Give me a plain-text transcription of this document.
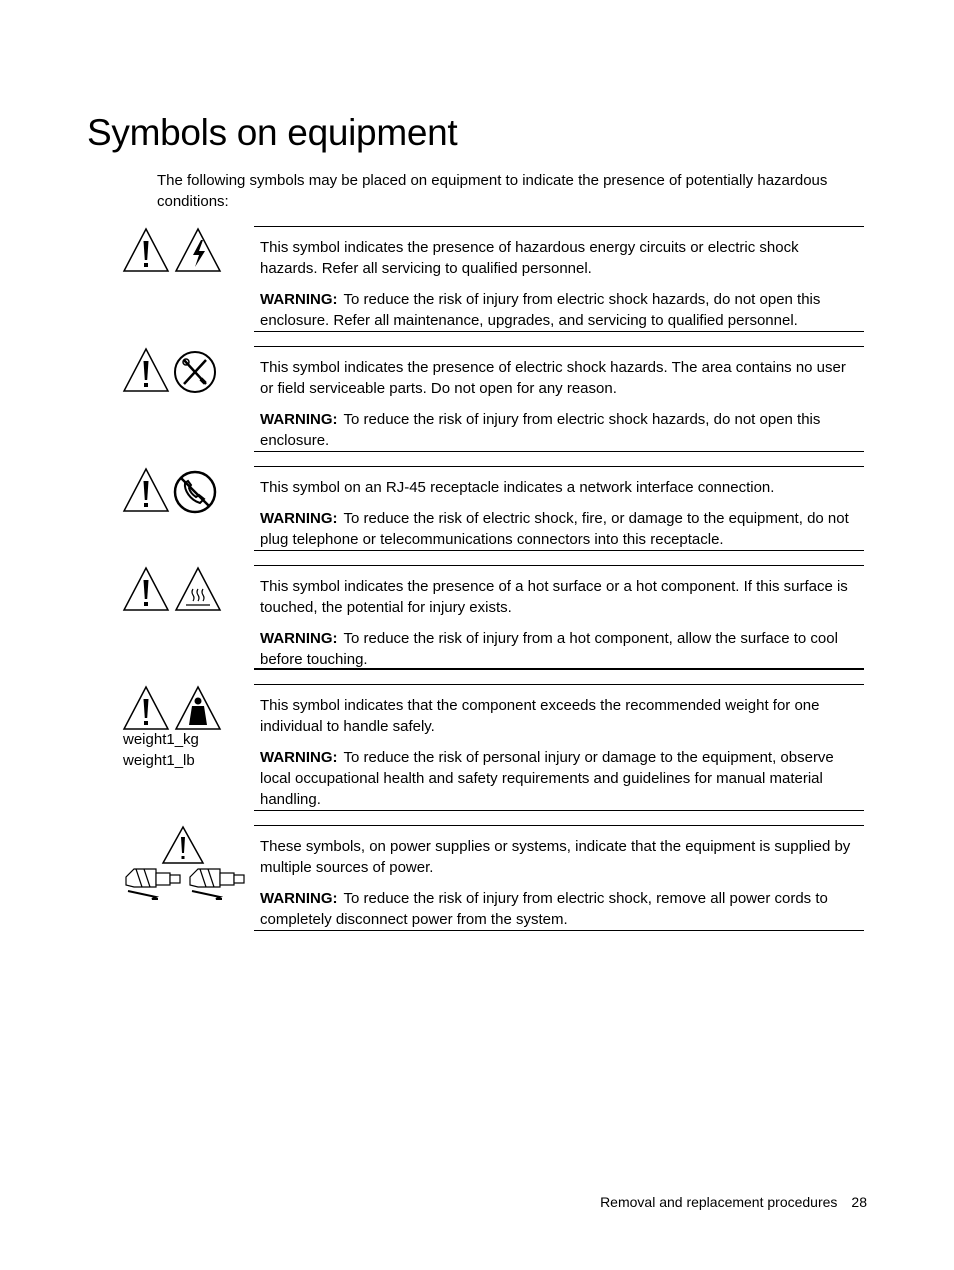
Symbols on equipment

The following symbols may be placed on equipment to indicate the presence of potentially hazardous conditions:

This symbol indicates the presence of hazardous energy circuits or electric shock hazards. Refer all servicing to qualified personnel.

WARNING: To reduce the risk of injury from electric shock hazards, do not open this enclosure. Refer all maintenance, upgrades, and servicing to qualified personnel.

This symbol indicates the presence of electric shock hazards. The area contains no user or field serviceable parts. Do not open for any reason.

WARNING: To reduce the risk of injury from electric shock hazards, do not open this enclosure.

This symbol on an RJ-45 receptacle indicates a network interface connection.

WARNING: To reduce the risk of electric shock, fire, or damage to the equipment, do not plug telephone or telecommunications connectors into this receptacle.

This symbol indicates the presence of a hot surface or a hot component. If this surface is touched, the potential for injury exists.

WARNING: To reduce the risk of injury from a hot component, allow the surface to cool before touching.

weight1_kg
weight1_lb

This symbol indicates that the component exceeds the recommended weight for one individual to handle safely.

WARNING: To reduce the risk of personal injury or damage to the equipment, observe local occupational health and safety requirements and guidelines for manual material handling.

These symbols, on power supplies or systems, indicate that the equipment is supplied by multiple sources of power.

WARNING: To reduce the risk of injury from electric shock, remove all power cords to completely disconnect power from the system.

Removal and replacement procedures 28
